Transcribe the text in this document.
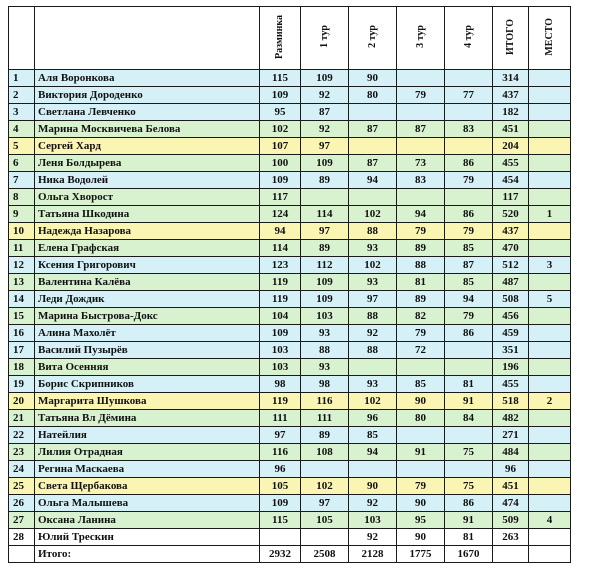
		Разминка	1 тур	2 тур	3 тур	4 тур	ИТОГО	МЕСТО
1	Аля Воронкова	115	109	90			314	
2	Виктория Дороденко	109	92	80	79	77	437	
3	Светлана Левченко	95	87				182	
4	Марина Москвичева Белова	102	92	87	87	83	451	
5	Сергей Хард	107	97				204	
6	Леня Болдырева	100	109	87	73	86	455	
7	Ника Водолей	109	89	94	83	79	454	
8	Ольга Хворост	117					117	
9	Татьяна Шкодина	124	114	102	94	86	520	1
10	Надежда Назарова	94	97	88	79	79	437	
11	Елена Графская	114	89	93	89	85	470	
12	Ксения Григорович	123	112	102	88	87	512	3
13	Валентина Калёва	119	109	93	81	85	487	
14	Леди Дождик	119	109	97	89	94	508	5
15	Марина Быстрова-Докс	104	103	88	82	79	456	
16	Алина Махолёт	109	93	92	79	86	459	
17	Василий Пузырёв	103	88	88	72		351	
18	Вита Осенняя	103	93				196	
19	Борис Скрипников	98	98	93	85	81	455	
20	Маргарита Шушкова	119	116	102	90	91	518	2
21	Татьяна Вл Дёмина	111	111	96	80	84	482	
22	Натейлия	97	89	85			271	
23	Лилия Отрадная	116	108	94	91	75	484	
24	Регина Маскаева	96					96	
25	Света Щербакова	105	102	90	79	75	451	
26	Ольга Малышева	109	97	92	90	86	474	
27	Оксана Ланина	115	105	103	95	91	509	4
28	Юлий Трескин			92	90	81	263	
	Итого:	2932	2508	2128	1775	1670		
